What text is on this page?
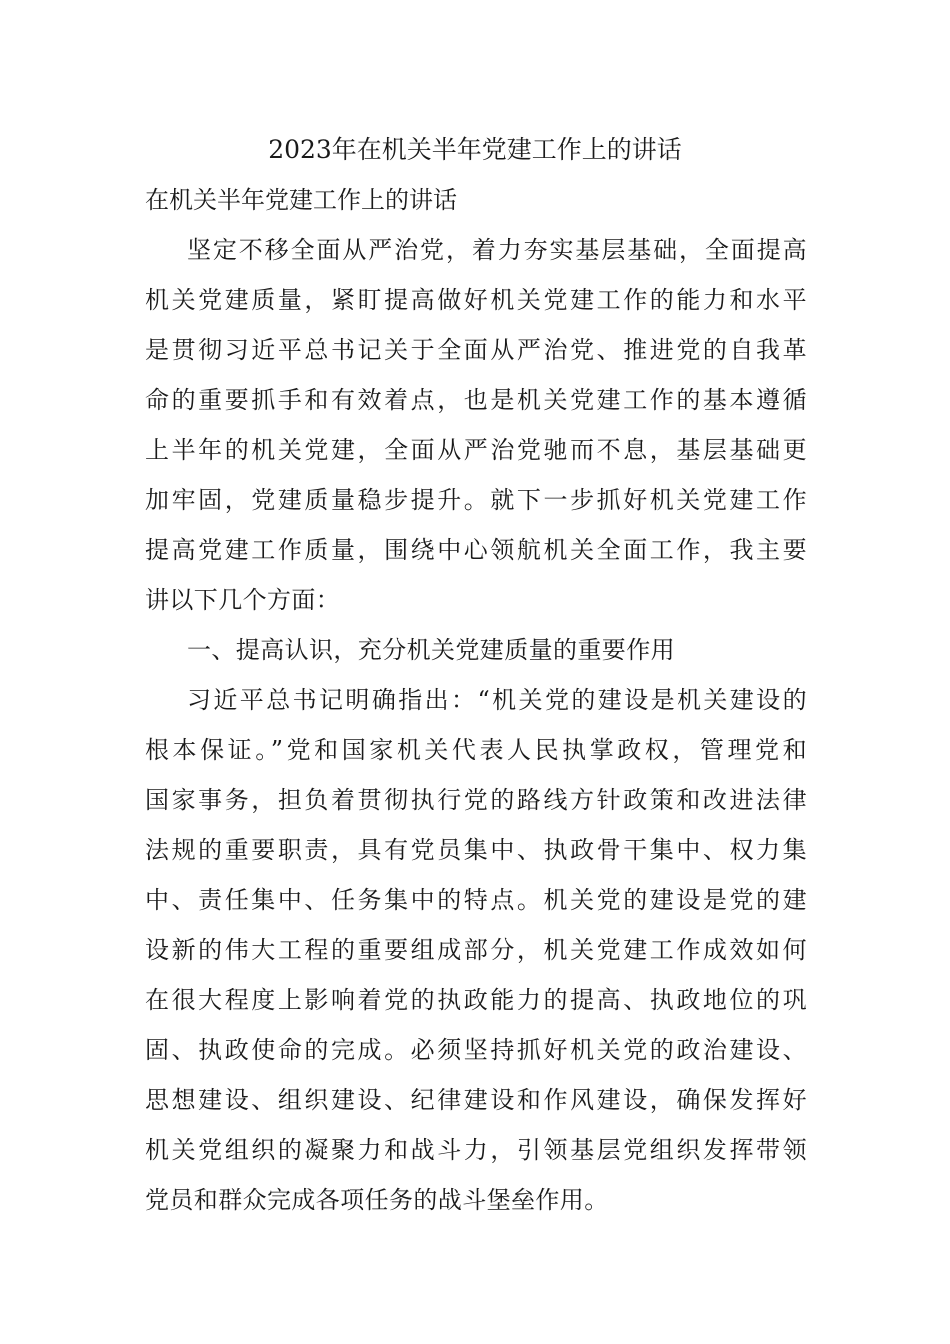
2023年在机关半年党建工作上的讲话

在机关半年党建工作上的讲话

坚定不移全面从严治党，着力夯实基层基础，全面提高
机关党建质量，紧盯提高做好机关党建工作的能力和水平
是贯彻习近平总书记关于全面从严治党、推进党的自我革
命的重要抓手和有效着点，也是机关党建工作的基本遵循
上半年的机关党建，全面从严治党驰而不息，基层基础更
加牢固，党建质量稳步提升。就下一步抓好机关党建工作
提高党建工作质量，围绕中心领航机关全面工作，我主要
讲以下几个方面：
一、提高认识，充分机关党建质量的重要作用
习近平总书记明确指出：“机关党的建设是机关建设的
根本保证。”党和国家机关代表人民执掌政权，管理党和
国家事务，担负着贯彻执行党的路线方针政策和改进法律
法规的重要职责，具有党员集中、执政骨干集中、权力集
中、责任集中、任务集中的特点。机关党的建设是党的建
设新的伟大工程的重要组成部分，机关党建工作成效如何
在很大程度上影响着党的执政能力的提高、执政地位的巩
固、执政使命的完成。必须坚持抓好机关党的政治建设、
思想建设、组织建设、纪律建设和作风建设，确保发挥好
机关党组织的凝聚力和战斗力，引领基层党组织发挥带领
党员和群众完成各项任务的战斗堡垒作用。
